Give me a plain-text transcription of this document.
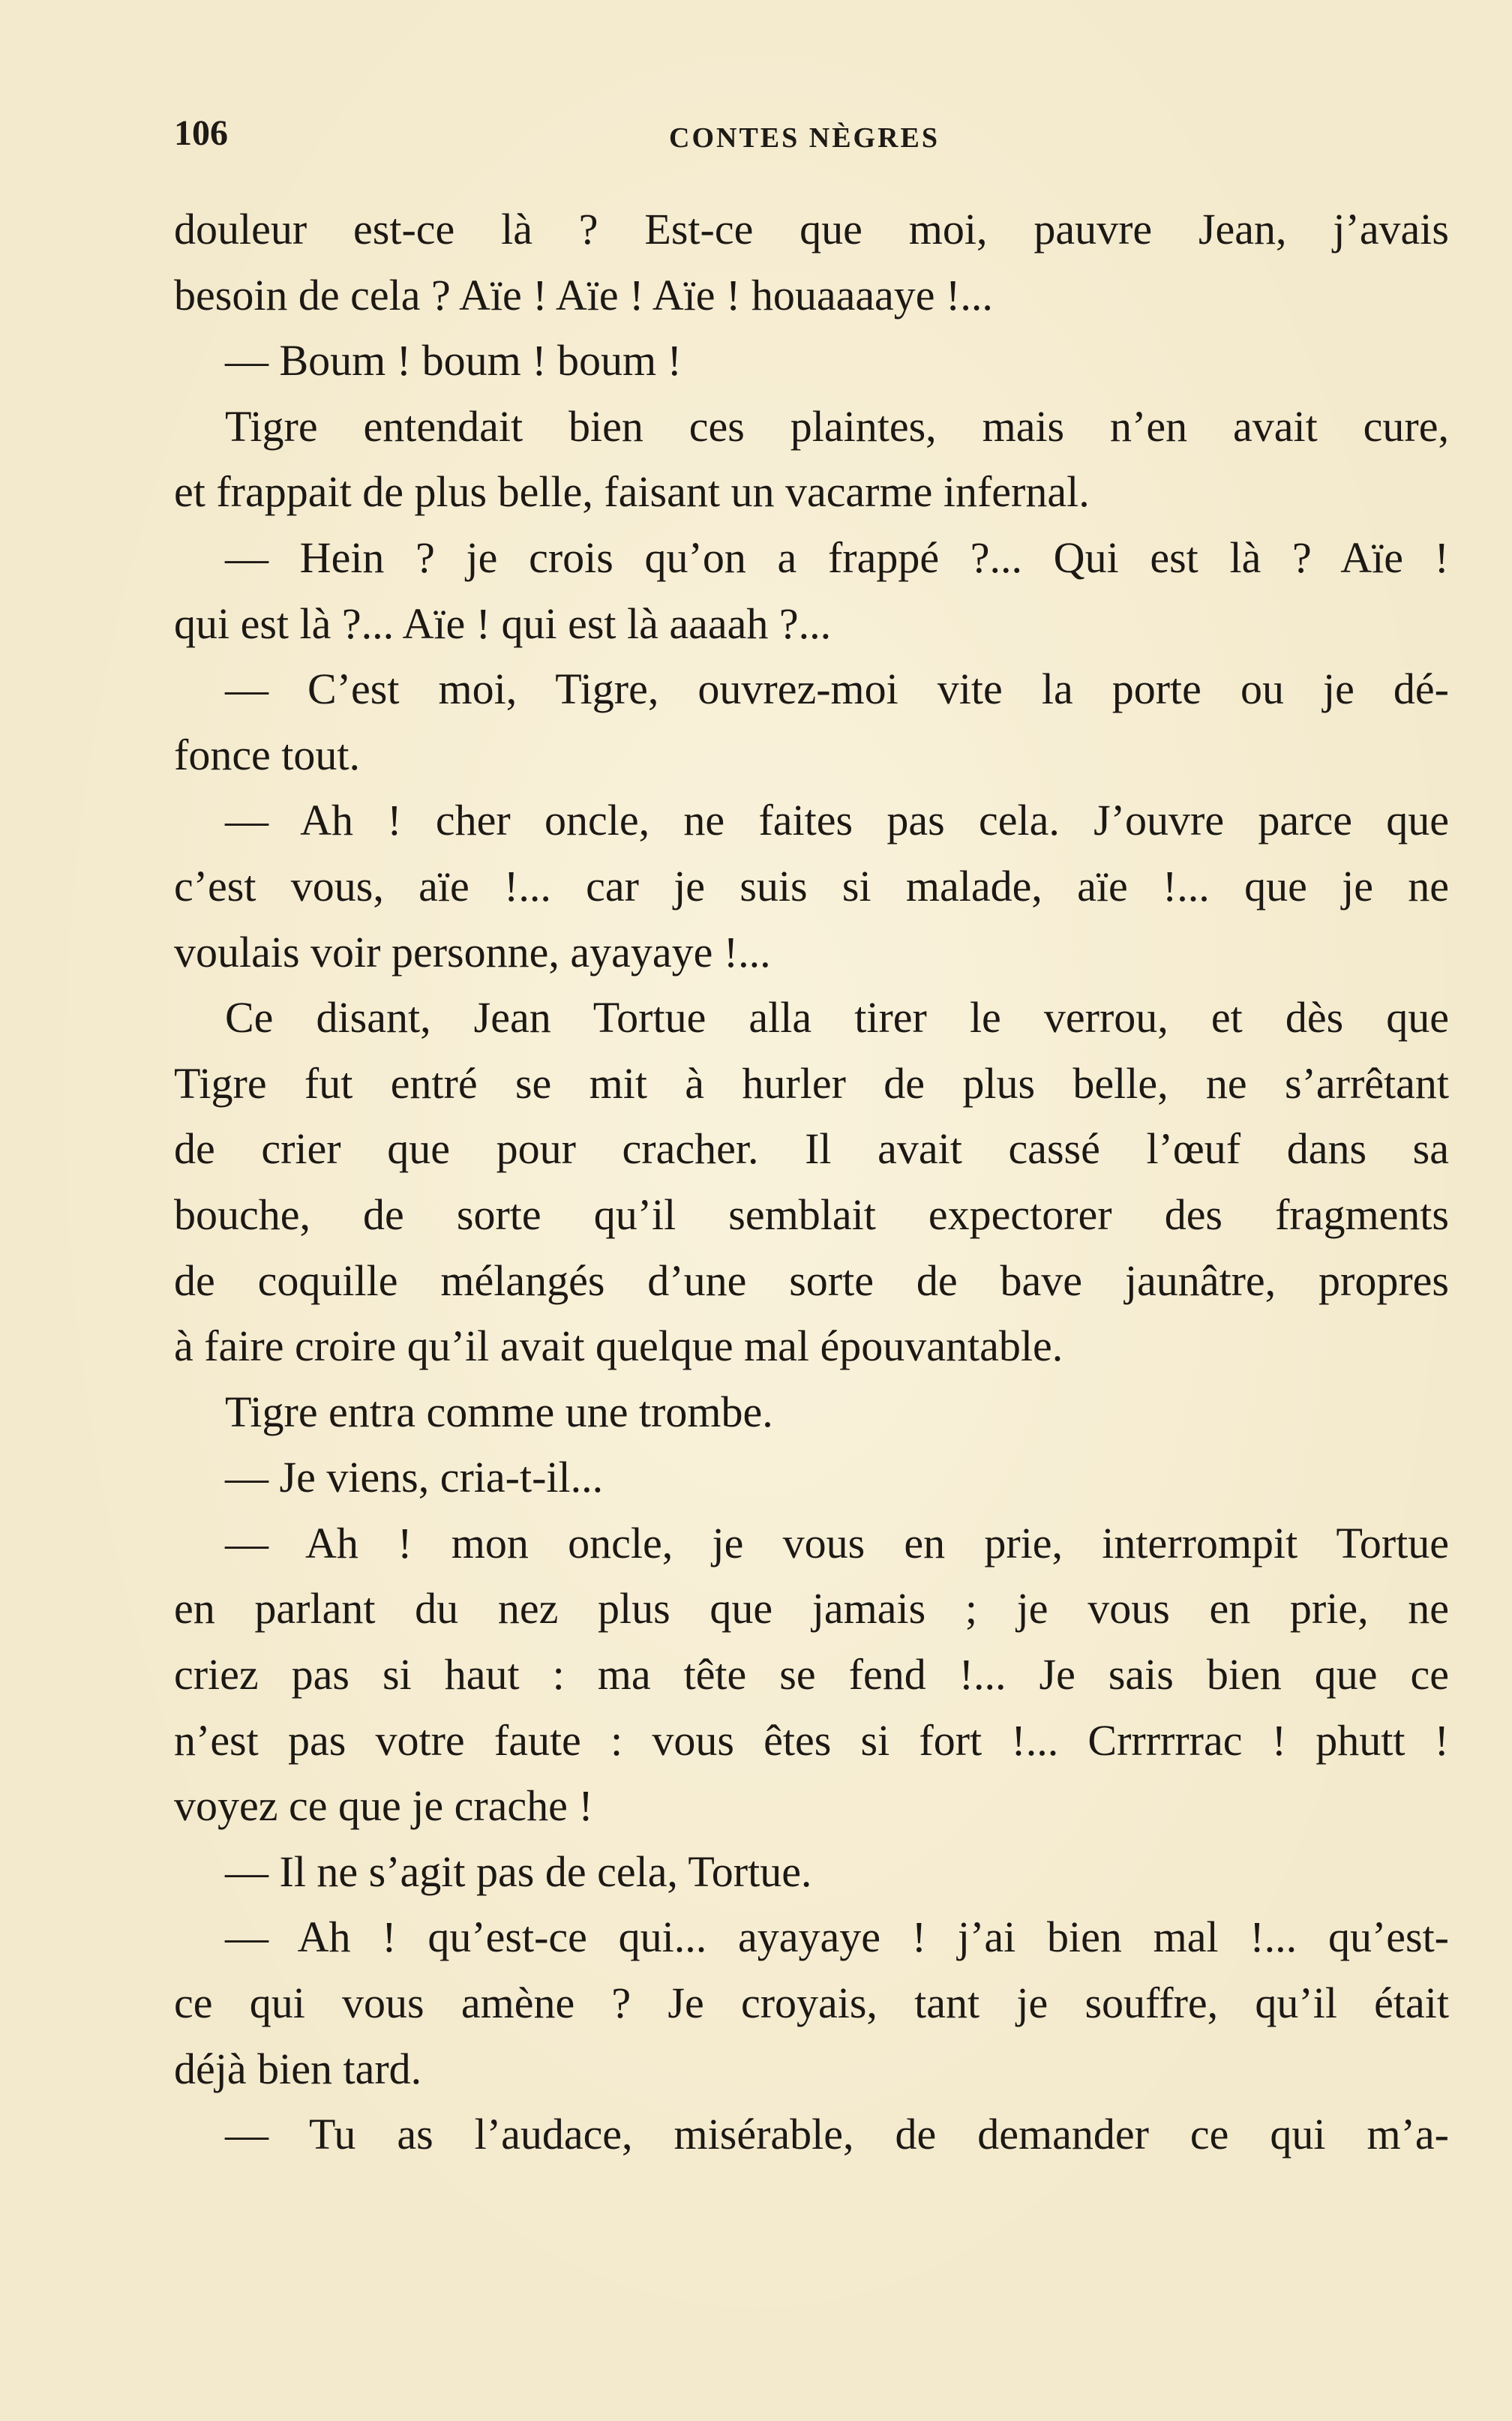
106	CONTES NÈGRES
douleur est-ce là ? Est-ce que moi, pauvre Jean, j’avais
besoin de cela ? Aïe ! Aïe ! Aïe ! houaaaaye !...
— Boum ! boum ! boum !
Tigre entendait bien ces plaintes, mais n’en avait cure,
et frappait de plus belle, faisant un vacarme infernal.
— Hein ? je crois qu’on a frappé ?... Qui est là ? Aïe !
qui est là ?... Aïe ! qui est là aaaah ?...
— C’est moi, Tigre, ouvrez-moi vite la porte ou je dé-
fonce tout.
— Ah ! cher oncle, ne faites pas cela. J’ouvre parce que
c’est vous, aïe !... car je suis si malade, aïe !... que je ne
voulais voir personne, ayayaye !...
Ce disant, Jean Tortue alla tirer le verrou, et dès que
Tigre fut entré se mit à hurler de plus belle, ne s’arrêtant
de crier que pour cracher. Il avait cassé l’œuf dans sa
bouche, de sorte qu’il semblait expectorer des fragments
de coquille mélangés d’une sorte de bave jaunâtre, propres
à faire croire qu’il avait quelque mal épouvantable.
Tigre entra comme une trombe.
— Je viens, cria-t-il...
— Ah ! mon oncle, je vous en prie, interrompit Tortue
en parlant du nez plus que jamais ; je vous en prie, ne
criez pas si haut : ma tête se fend !... Je sais bien que ce
n’est pas votre faute : vous êtes si fort !... Crrrrrrac ! phutt !
voyez ce que je crache !
— Il ne s’agit pas de cela, Tortue.
— Ah ! qu’est-ce qui... ayayaye ! j’ai bien mal !... qu’est-
ce qui vous amène ? Je croyais, tant je souffre, qu’il était
déjà bien tard.
— Tu as l’audace, misérable, de demander ce qui m’a-
